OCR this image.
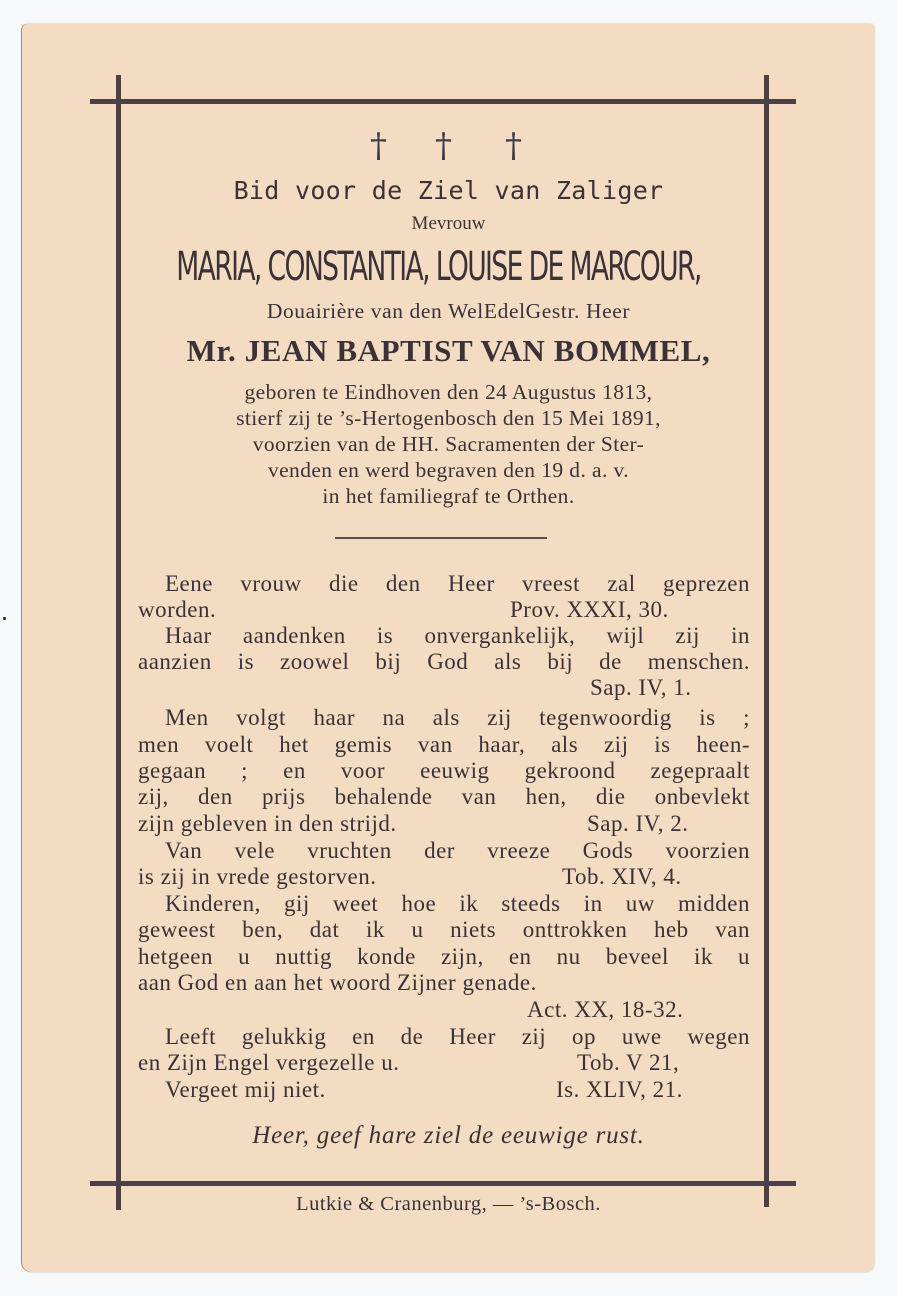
† † †
Bid voor de Ziel van Zaliger
Mevrouw
MARIA, CONSTANTIA, LOUISE DE MARCOUR,
Douairière van den WelEdelGestr. Heer
Mr. JEAN BAPTIST VAN BOMMEL,
geboren te Eindhoven den 24 Augustus 1813,
stierf zij te ’s-Hertogenbosch den 15 Mei 1891,
voorzien van de HH. Sacramenten der Ster-
venden en werd begraven den 19 d. a. v.
in het familiegraf te Orthen.
Eene vrouw die den Heer vreest zal geprezen
worden.	Prov. XXXI, 30.
Haar aandenken is onvergankelijk, wijl zij in
aanzien is zoowel bij God als bij de menschen.
Sap. IV, 1.
Men volgt haar na als zij tegenwoordig is ;
men voelt het gemis van haar, als zij is heen-
gegaan ; en voor eeuwig gekroond zegepraalt
zij, den prijs behalende van hen, die onbevlekt
zijn gebleven in den strijd.	Sap. IV, 2.
Van vele vruchten der vreeze Gods voorzien
is zij in vrede gestorven.	Tob. XIV, 4.
Kinderen, gij weet hoe ik steeds in uw midden
geweest ben, dat ik u niets onttrokken heb van
hetgeen u nuttig konde zijn, en nu beveel ik u
aan God en aan het woord Zijner genade.
Act. XX, 18-32.
Leeft gelukkig en de Heer zij op uwe wegen
en Zijn Engel vergezelle u.	Tob. V 21,
Vergeet mij niet.	Is. XLIV, 21.
Heer, geef hare ziel de eeuwige rust.
Lutkie & Cranenburg, — ’s-Bosch.
